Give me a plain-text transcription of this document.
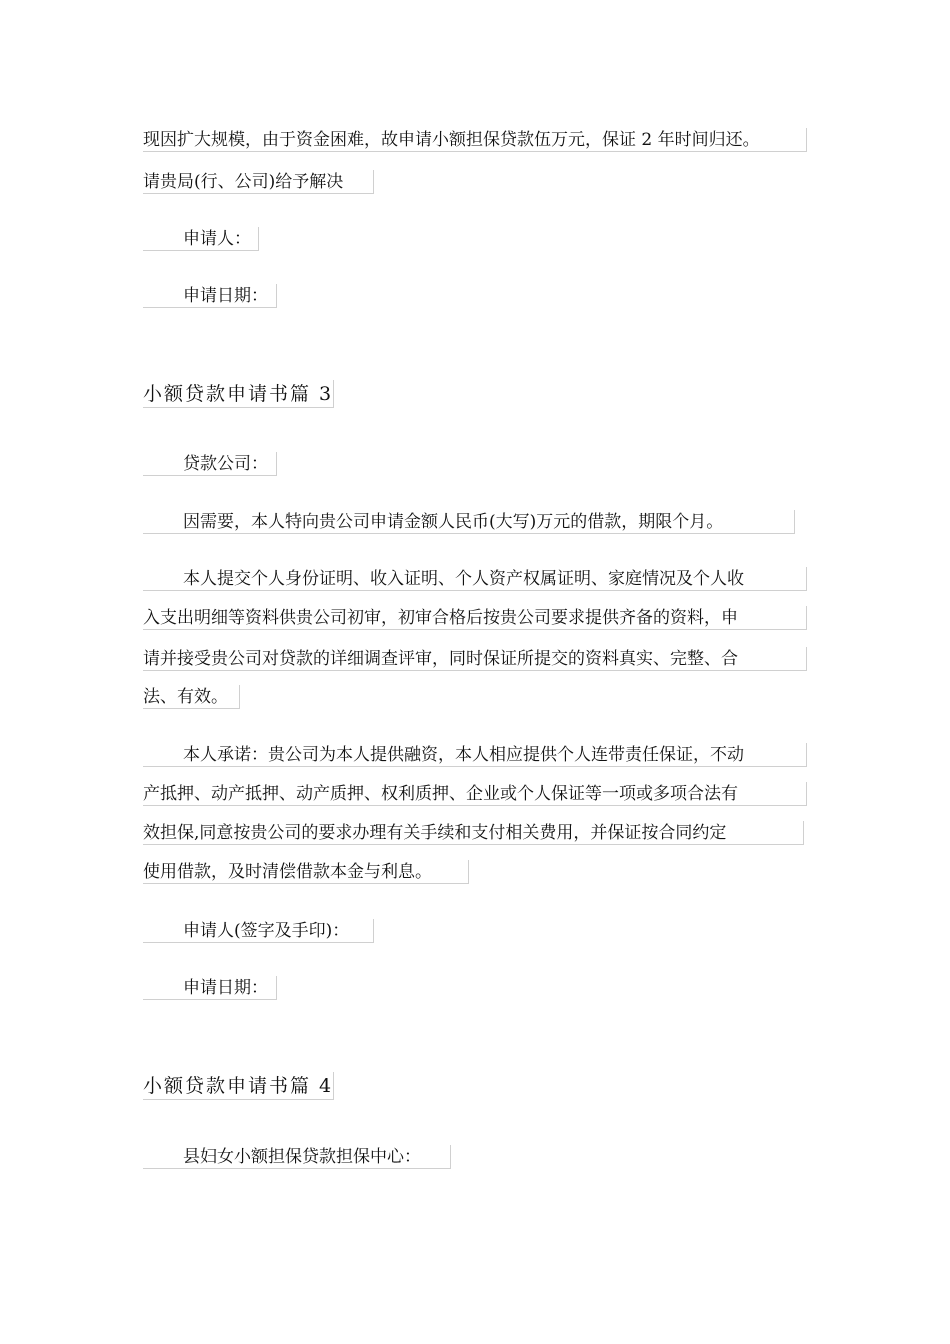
现因扩大规模，由于资金困难，故申请小额担保贷款伍万元，保证 2 年时间归还。
请贵局(行、公司)给予解决
申请人：
申请日期：
小额贷款申请书篇 3
贷款公司：
因需要，本人特向贵公司申请金额人民币(大写)万元的借款，期限个月。
本人提交个人身份证明、收入证明、个人资产权属证明、家庭情况及个人收
入支出明细等资料供贵公司初审，初审合格后按贵公司要求提供齐备的资料，申
请并接受贵公司对贷款的详细调查评审，同时保证所提交的资料真实、完整、合
法、有效。
本人承诺：贵公司为本人提供融资，本人相应提供个人连带责任保证，不动
产抵押、动产抵押、动产质押、权利质押、企业或个人保证等一项或多项合法有
效担保,同意按贵公司的要求办理有关手续和支付相关费用，并保证按合同约定
使用借款，及时清偿借款本金与利息。
申请人(签字及手印)：
申请日期：
小额贷款申请书篇 4
县妇女小额担保贷款担保中心：
